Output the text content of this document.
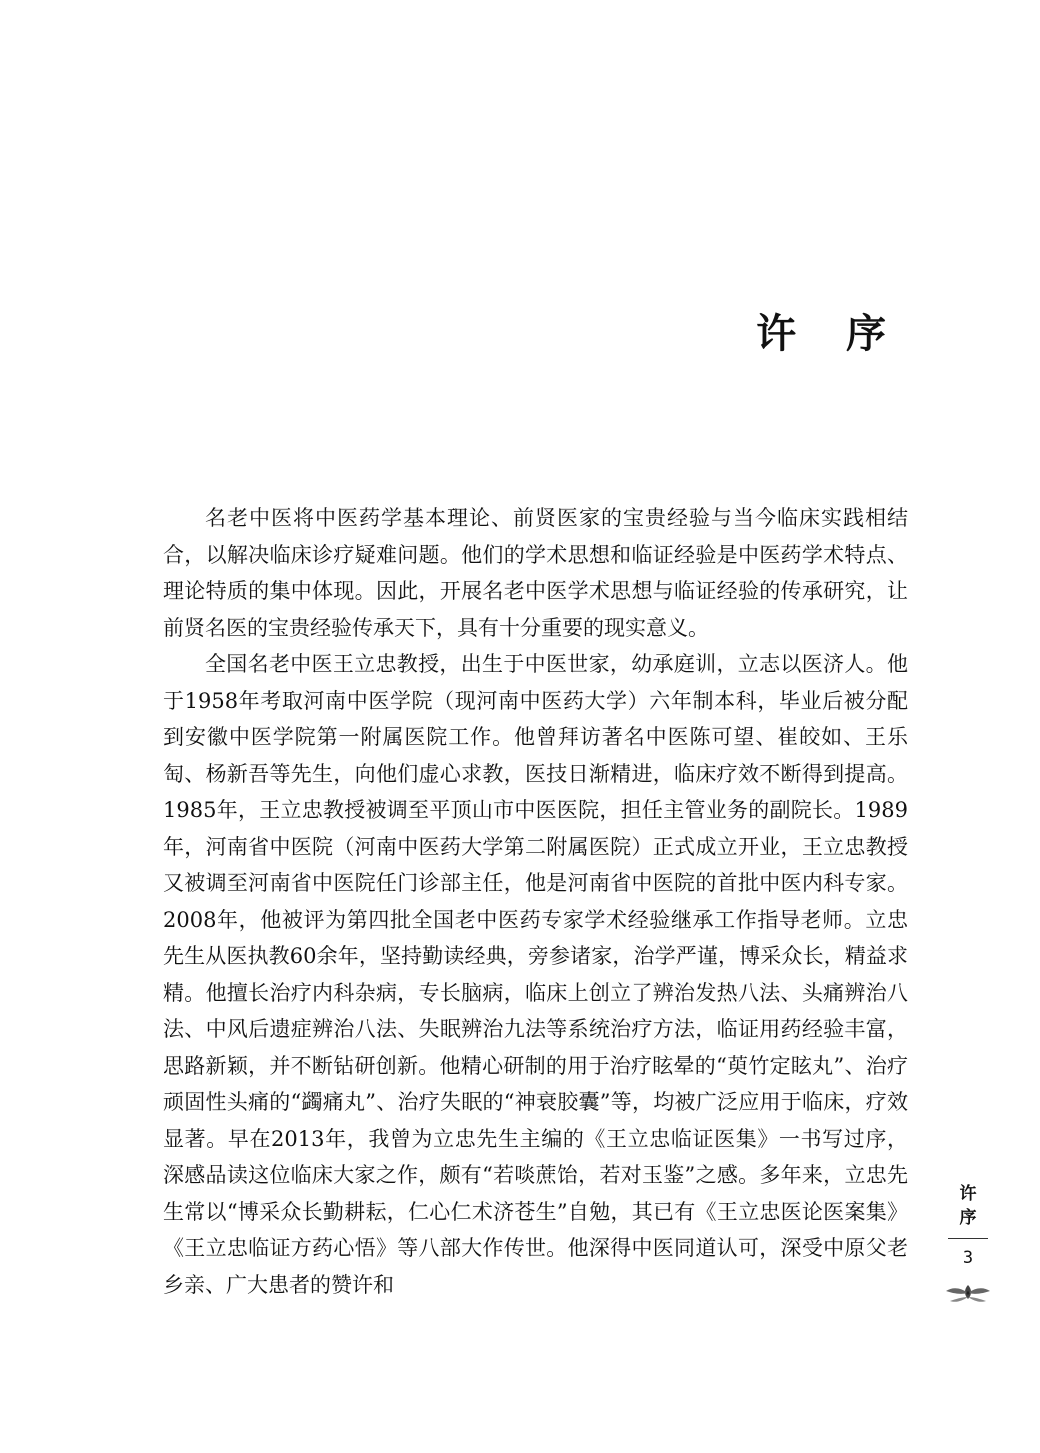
许 序

名老中医将中医药学基本理论、前贤医家的宝贵经验与当今临床实践相结合，以解决临床诊疗疑难问题。他们的学术思想和临证经验是中医药学术特点、理论特质的集中体现。因此，开展名老中医学术思想与临证经验的传承研究，让前贤名医的宝贵经验传承天下，具有十分重要的现实意义。

全国名老中医王立忠教授，出生于中医世家，幼承庭训，立志以医济人。他于1958年考取河南中医学院（现河南中医药大学）六年制本科，毕业后被分配到安徽中医学院第一附属医院工作。他曾拜访著名中医陈可望、崔皎如、王乐匋、杨新吾等先生，向他们虚心求教，医技日渐精进，临床疗效不断得到提高。1985年，王立忠教授被调至平顶山市中医医院，担任主管业务的副院长。1989年，河南省中医院（河南中医药大学第二附属医院）正式成立开业，王立忠教授又被调至河南省中医院任门诊部主任，他是河南省中医院的首批中医内科专家。2008年，他被评为第四批全国老中医药专家学术经验继承工作指导老师。立忠先生从医执教60余年，坚持勤读经典，旁参诸家，治学严谨，博采众长，精益求精。他擅长治疗内科杂病，专长脑病，临床上创立了辨治发热八法、头痛辨治八法、中风后遗症辨治八法、失眠辨治九法等系统治疗方法，临证用药经验丰富，思路新颖，并不断钻研创新。他精心研制的用于治疗眩晕的“萸竹定眩丸”、治疗顽固性头痛的“蠲痛丸”、治疗失眠的“神衰胶囊”等，均被广泛应用于临床，疗效显著。早在2013年，我曾为立忠先生主编的《王立忠临证医集》一书写过序，深感品读这位临床大家之作，颇有“若啖蔗饴，若对玉鉴”之感。多年来，立忠先生常以“博采众长勤耕耘，仁心仁术济苍生”自勉，其已有《王立忠医论医案集》《王立忠临证方药心悟》等八部大作传世。他深得中医同道认可，深受中原父老乡亲、广大患者的赞许和

许序
3
